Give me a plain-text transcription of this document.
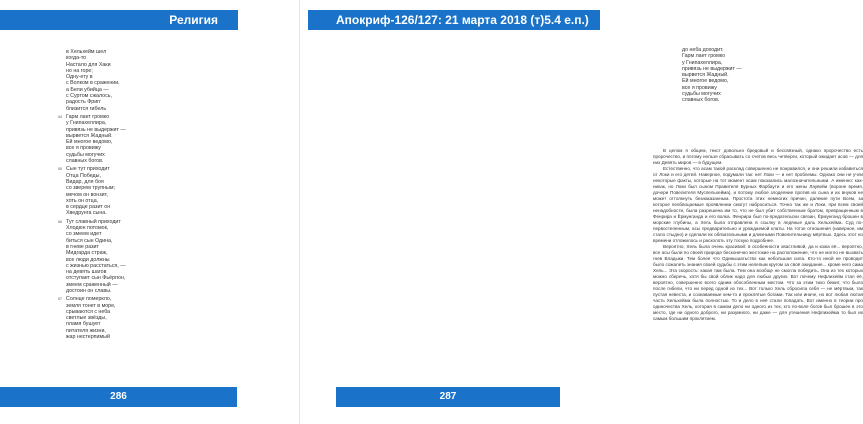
Религия
в Хельхейм шел
когда-то
Настало для Хаки
но на горе;
Одну-ету в
с Волком в сражении,
а Бели убийца —
с Суртом сжалось,
радость Фригг
близится гибель
54 Гарм лает громко
у Гнипахеллира,
привязь не выдержит —
вырвется Жадный.
Ей многое ведомо,
все я провижу
судьбы могучих
славных богов.
55 Сын тут приходит
Отца Победы,
Видар, для боя
со зверем трупным;
мечом он вонзит,
хоть он отца,
в сердце разит он
Хведрунга сына.
56 Тут славный приходит
Хлодюн потомок,
со змеем идет
биться сын Одина,
в гневе разит
Мидгарда страж,
все люди должны
с жизнью расстаться, —
на девять шагов
отступает сын Фьёргюн,
змеем сраженный —
достоин он славы.
57 Солнце померкло,
земля тонет в море,
срываются с неба
светлые звёзды,
пламя бушует
питателя жизни,
жар нестерпимый
286
Апокриф-126/127: 21 марта 2018 (т)5.4 е.п.)
до неба доходит.
Гарм лает громко
у Гнипахеллира,
привязь не выдержит —
вырвется Жадный.
Ей многое ведомо,
все я провижу
судьбы могучих
славных богов.

В целом я общем, текст довольно бредовый и бессвязный, однако пророчество есть пророчество, и потому нельзя сбрасывать со счетов весь четверги, который ожидает асов — для них Девять миров — в будущем.

Естественно, что асам такой расклад совершенно не понравился, и они решили избавиться от Локи и его детей. Наверное, подумали так: нет Локи — и нет проблемы. Однако они не учли некоторые факты, которые на тот момент асам показались малозначительными. А именно: как-никак, но Локи был сыном Правителя Бурных Фарбаути и его жены Лаувейи (вороне время, дочери Повелителя Муспельхейма), и потому любое злодеяние против их сына и их внуков не может оттолкнуть безнаказанным. Простота этих немногих причин, далекие пути Всем, за которое пеобвоцаемые проявлении смогут наброситься. Точно так же и Локи, при всем своей ненадобности, была разрешена им то, что не был убит собственным братом, превращенным в Фенрира и Ёрмунганда и его волка. Фенрира был по-предательски связан, Ёрмунганд брошен в морские глубины, а Хель была отправлена в ссылку в ледяные даль Хельхейма. Суд по-первостепенным, асы предварительно и урождаемой клаты. На тотзе отношения (наверное, им стало стыдно) и сделали их обязательными и длинными Повелительницу мёртвых. Здесь этот но времени отложилось и расколоть эту тоскую подробнее.

Вероятно, Хель была очень красивой: в особенности хвастливой, да и кожа её... вероятно, все асы были по своей природе бесконечно жестокие на расположение, что не могло не вызвать гнев Владыки. Тем более что Одинышатьство как небольшая сила. Кто-то иной не проводит было сожалеть знания своей судьбы с этим нелепым кругом за своё ожидание... кроме него сама Хель... Эта скорость: какая там была. Тем она вообще не смогла победить. Она из тех которых можно сберечь, хотя бы свой облик надо для любых других. Вот почему Нефлихейм стал её, вероятно, совершенно всего одним обособленным местом. Что за этим тихо бежит, что было после гибели, что ни перед одной из тех... Вот только Хель сбросила себя — не мёртвым, так пустая невеста, и сознаваемые кем-то и проклятые богами. Так или иначе, но вот любая лютая часть Хельхейма была полностью. То и дело в неё стали попадать. Вот именно в теории про одиночества Хель, которая в самом дело ни одного из тех, кто по-воле богов был брошен в это место, где ни одного доброго, ни разумного, ни даже — для утешения Нефлихейма то был их самым большим проклятием.

287
